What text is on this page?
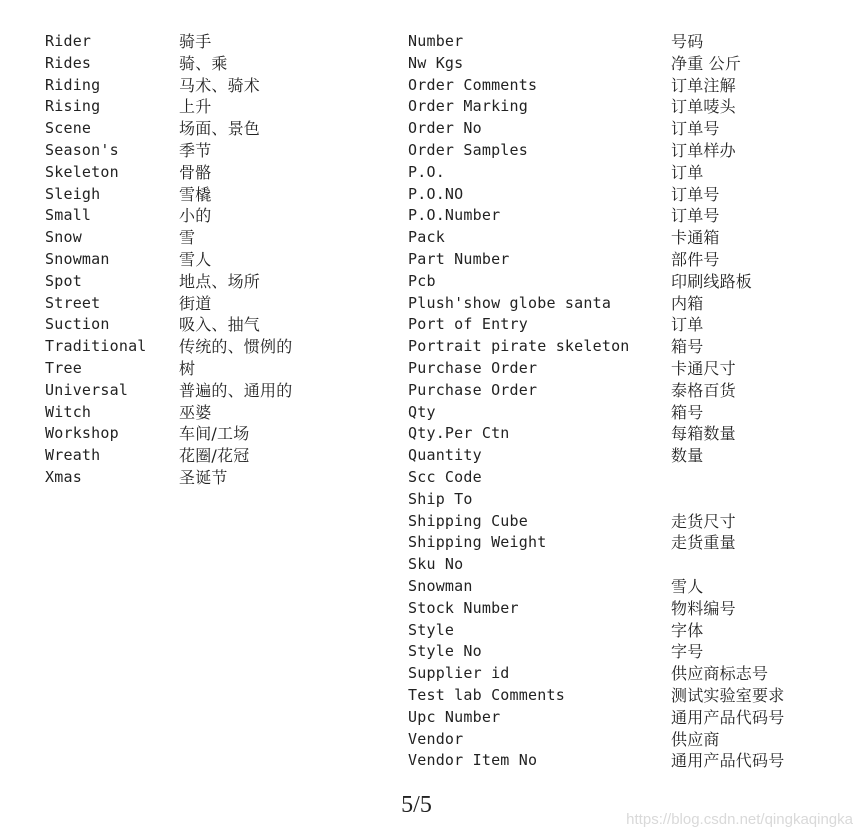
Rider	骑手
Rides	骑、乘
Riding	马术、骑术
Rising	上升
Scene	场面、景色
Season's	季节
Skeleton	骨骼
Sleigh	雪橇
Small	小的
Snow	雪
Snowman	雪人
Spot	地点、场所
Street	街道
Suction	吸入、抽气
Traditional 传统的、惯例的
Tree	树
Universal	普遍的、通用的
Witch	巫婆
Workshop	车间/工场
Wreath	花圈/花冠
Xmas	圣诞节
Number	号码
Nw Kgs	净重 公斤
Order Comments	订单注解
Order Marking	订单唛头
Order No	订单号
Order Samples	订单样办
P.O.	订单
P.O.NO	订单号
P.O.Number	订单号
Pack	卡通箱
Part Number	部件号
Pcb	印刷线路板
Plush'show globe santa	内箱
Port of Entry	订单
Portrait pirate skeleton	箱号
Purchase Order	卡通尺寸
Purchase Order	泰格百货
Qty	箱号
Qty.Per Ctn	每箱数量
Quantity	数量
Scc Code
Ship To
Shipping Cube	走货尺寸
Shipping Weight	走货重量
Sku No
Snowman	雪人
Stock Number	物料编号
Style	字体
Style No	字号
Supplier id	供应商标志号
Test lab Comments	测试实验室要求
Upc Number	通用产品代码号
Vendor	供应商
Vendor Item No	通用产品代码号
5/5
https://blog.csdn.net/qingkaqingka
